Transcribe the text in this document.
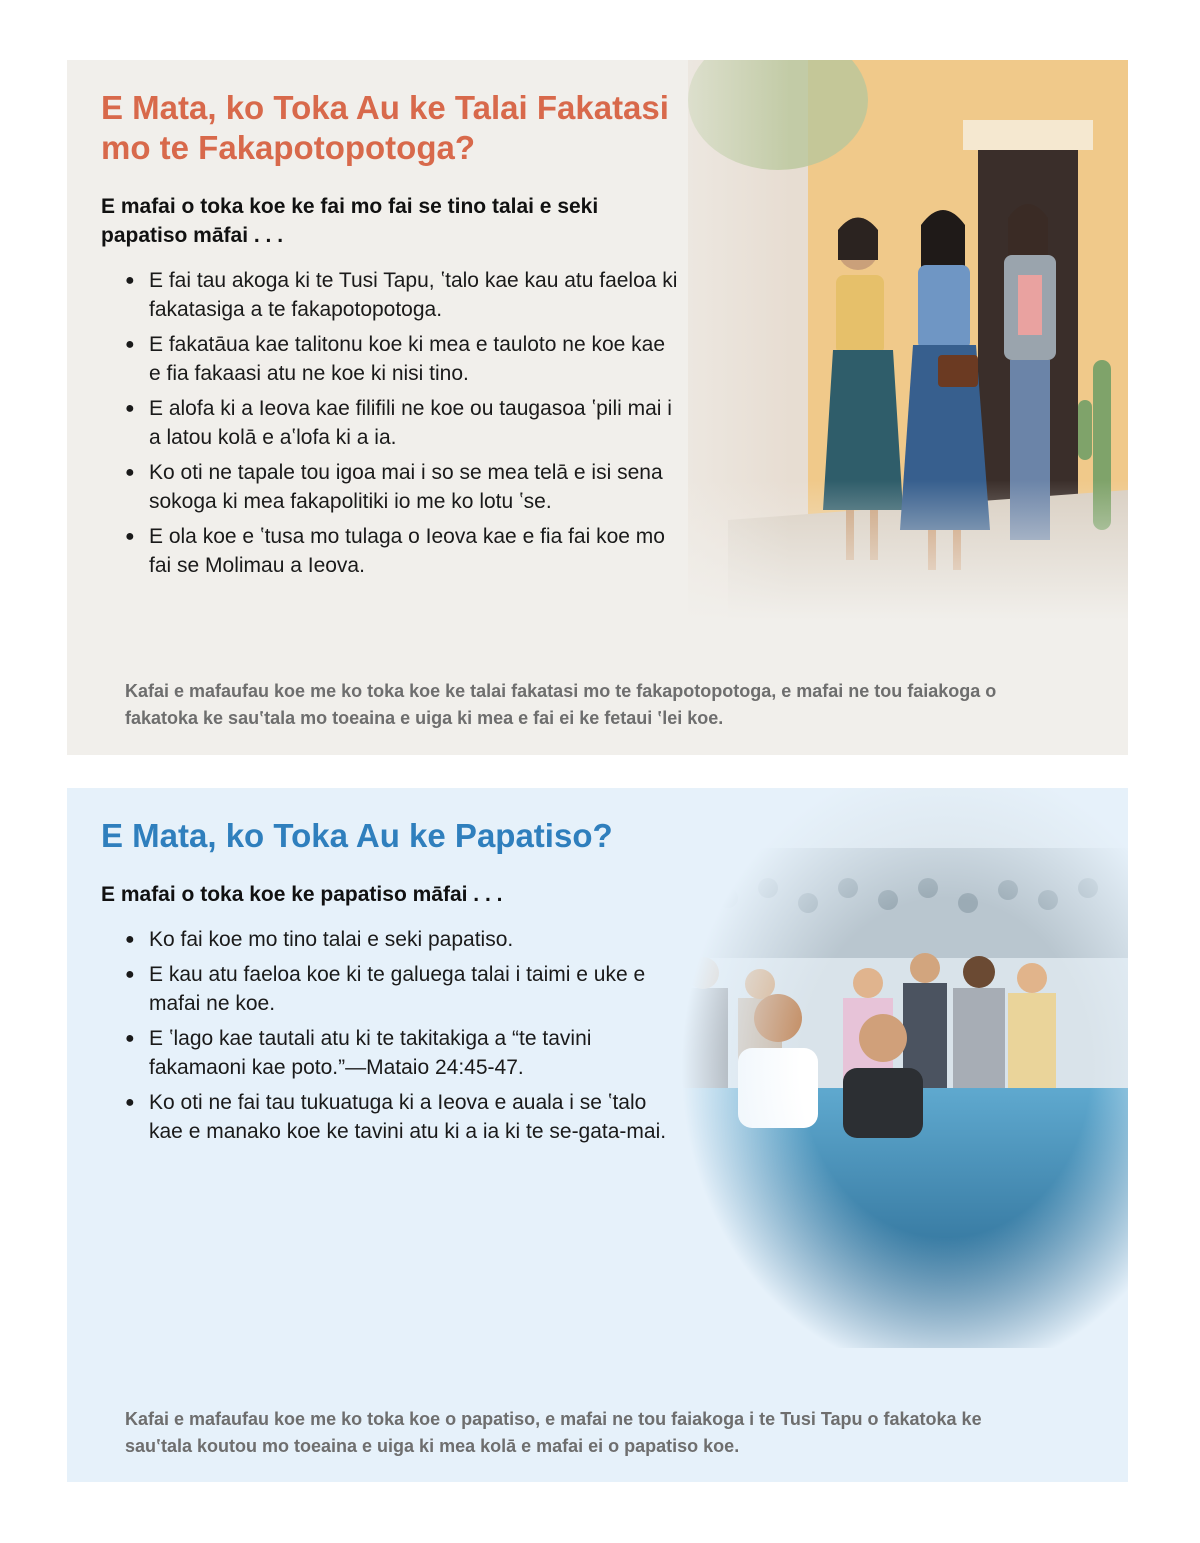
E Mata, ko Toka Au ke Talai Fakatasi mo te Fakapotopotoga?

E mafai o toka koe ke fai mo fai se tino talai e seki papatiso māfai . . .

● E fai tau akoga ki te Tusi Tapu, ʽtalo kae kau atu faeloa ki fakatasiga a te fakapotopotoga.
● E fakatāua kae talitonu koe ki mea e tauloto ne koe kae e fia fakaasi atu ne koe ki nisi tino.
● E alofa ki a Ieova kae filifili ne koe ou taugasoa ʽpili mai i a latou kolā e aʽlofa ki a ia.
● Ko oti ne tapale tou igoa mai i so se mea telā e isi sena sokoga ki mea fakapolitiki io me ko lotu ʽse.
● E ola koe e ʽtusa mo tulaga o Ieova kae e fia fai koe mo fai se Molimau a Ieova.

Kafai e mafaufau koe me ko toka koe ke talai fakatasi mo te fakapotopotoga, e mafai ne tou faiakoga o fakatoka ke sauʽtala mo toeaina e uiga ki mea e fai ei ke fetaui ʽlei koe.

E Mata, ko Toka Au ke Papatiso?

E mafai o toka koe ke papatiso māfai . . .

● Ko fai koe mo tino talai e seki papatiso.
● E kau atu faeloa koe ki te galuega talai i taimi e uke e mafai ne koe.
● E ʽlago kae tautali atu ki te takitakiga a “te tavini fakamaoni kae poto.”—Mataio 24:45-47.
● Ko oti ne fai tau tukuatuga ki a Ieova e auala i se ʽtalo kae e manako koe ke tavini atu ki a ia ki te se-gata-mai.

Kafai e mafaufau koe me ko toka koe o papatiso, e mafai ne tou faiakoga i te Tusi Tapu o fakatoka ke sauʽtala koutou mo toeaina e uiga ki mea kolā e mafai ei o papatiso koe.
